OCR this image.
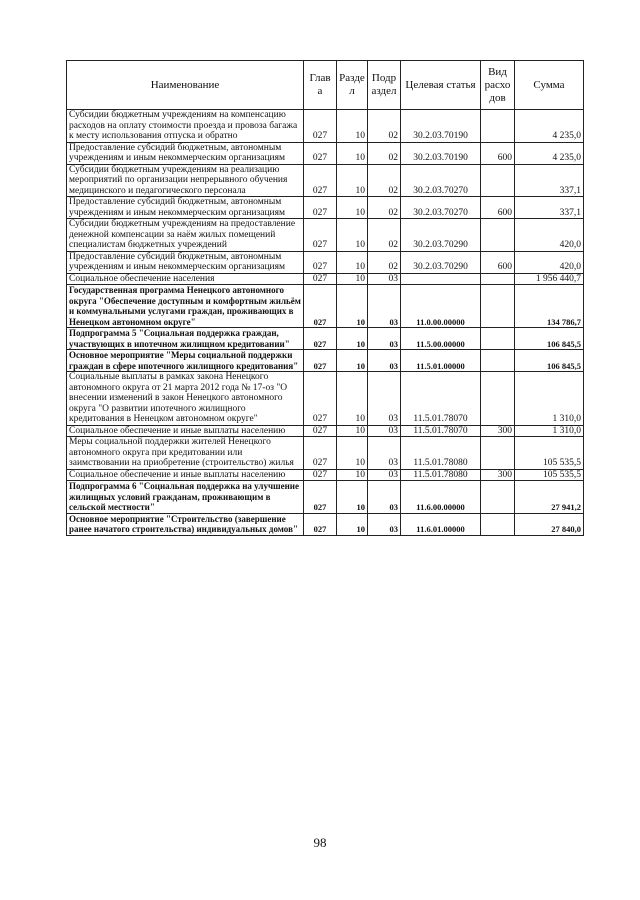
Наименование	Глав а	Разде л	Подр аздел	Целевая статья	Вид расхо дов	Сумма
Субсидии бюджетным учреждениям на компенсацию расходов на оплату стоимости проезда и провоза багажа к месту использования отпуска и обратно	027	10	02	30.2.03.70190		4 235,0
Предоставление субсидий бюджетным, автономным учреждениям и иным некоммерческим организациям	027	10	02	30.2.03.70190	600	4 235,0
Субсидии бюджетным учреждениям на реализацию мероприятий по организации непрерывного обучения медицинского и педагогического персонала	027	10	02	30.2.03.70270		337,1
Предоставление субсидий бюджетным, автономным учреждениям и иным некоммерческим организациям	027	10	02	30.2.03.70270	600	337,1
Субсидии бюджетным учреждениям на предоставление денежной компенсации за наём жилых помещений специалистам бюджетных учреждений	027	10	02	30.2.03.70290		420,0
Предоставление субсидий бюджетным, автономным учреждениям и иным некоммерческим организациям	027	10	02	30.2.03.70290	600	420,0
Социальное обеспечение населения	027	10	03			1 956 440,7
Государственная программа Ненецкого автономного округа "Обеспечение доступным и комфортным жильём и коммунальными услугами граждан, проживающих в Ненецком автономном округе"	027	10	03	11.0.00.00000		134 786,7
Подпрограмма 5 "Социальная поддержка граждан, участвующих в ипотечном жилищном кредитовании"	027	10	03	11.5.00.00000		106 845,5
Основное мероприятие "Меры социальной поддержки граждан в сфере ипотечного жилищного кредитования"	027	10	03	11.5.01.00000		106 845,5
Социальные выплаты в рамках закона Ненецкого автономного округа от 21 марта 2012 года № 17-оз "О внесении изменений в закон Ненецкого автономного округа "О развитии ипотечного жилищного кредитования в Ненецком автономном округе"	027	10	03	11.5.01.78070		1 310,0
Социальное обеспечение и иные выплаты населению	027	10	03	11.5.01.78070	300	1 310,0
Меры социальной поддержки жителей Ненецкого автономного округа при кредитовании или заимствовании на приобретение (строительство) жилья	027	10	03	11.5.01.78080		105 535,5
Социальное обеспечение и иные выплаты населению	027	10	03	11.5.01.78080	300	105 535,5
Подпрограмма 6 "Социальная поддержка на улучшение жилищных условий гражданам, проживающим в сельской местности"	027	10	03	11.6.00.00000		27 941,2
Основное мероприятие "Строительство (завершение ранее начатого строительства) индивидуальных домов"	027	10	03	11.6.01.00000		27 840,0
98
